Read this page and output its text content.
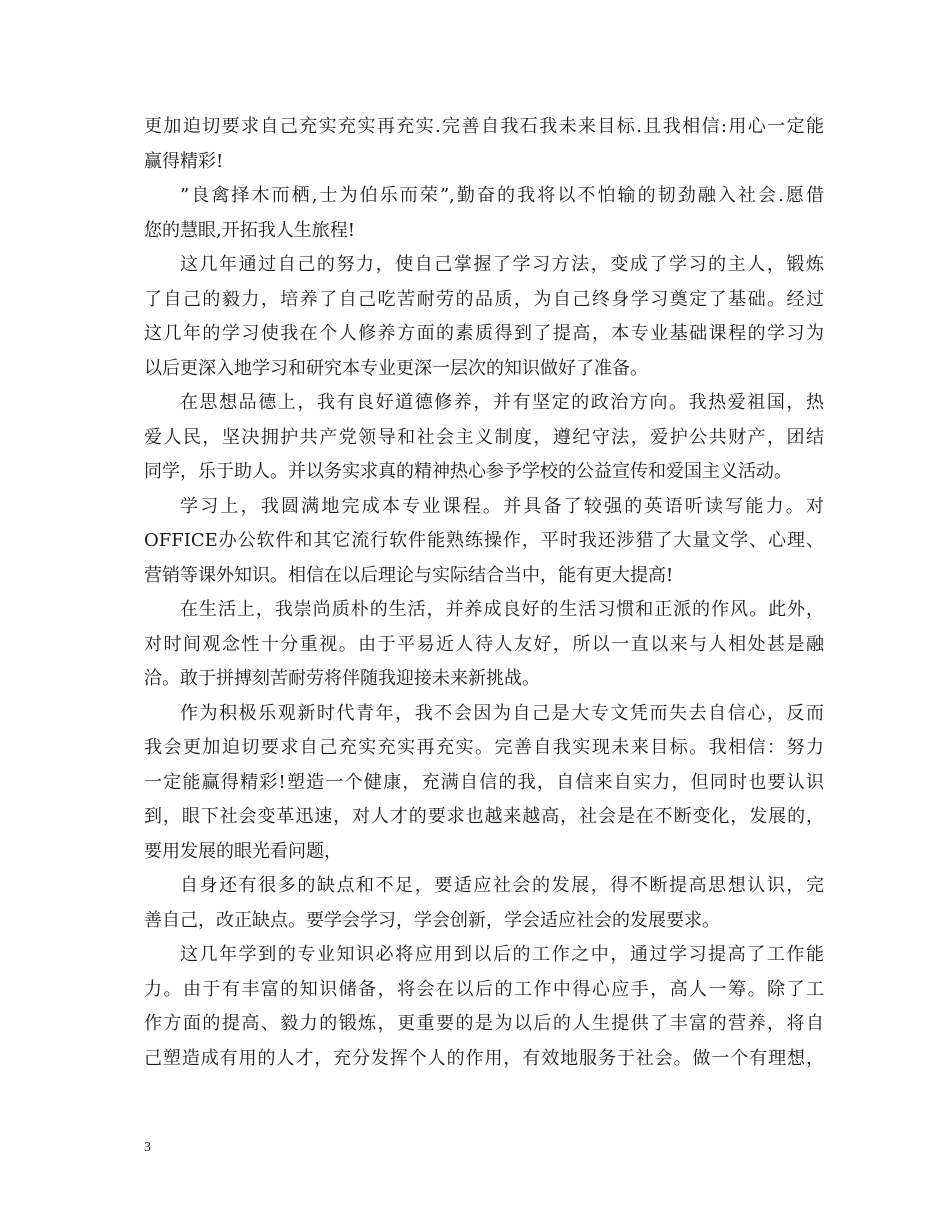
更加迫切要求自己充实充实再充实.完善自我石我未来目标.且我相信:用心一定能
赢得精彩!
”良禽择木而栖,士为伯乐而荣”,勤奋的我将以不怕输的韧劲融入社会.愿借
您的慧眼,开拓我人生旅程!
这几年通过自己的努力，使自己掌握了学习方法，变成了学习的主人，锻炼
了自己的毅力，培养了自己吃苦耐劳的品质，为自己终身学习奠定了基础。经过
这几年的学习使我在个人修养方面的素质得到了提高，本专业基础课程的学习为
以后更深入地学习和研究本专业更深一层次的知识做好了准备。
在思想品德上，我有良好道德修养，并有坚定的政治方向。我热爱祖国，热
爱人民，坚决拥护共产党领导和社会主义制度，遵纪守法，爱护公共财产，团结
同学，乐于助人。并以务实求真的精神热心参予学校的公益宣传和爱国主义活动。
学习上，我圆满地完成本专业课程。并具备了较强的英语听读写能力。对
OFFICE办公软件和其它流行软件能熟练操作，平时我还涉猎了大量文学、心理、
营销等课外知识。相信在以后理论与实际结合当中，能有更大提高!
在生活上，我崇尚质朴的生活，并养成良好的生活习惯和正派的作风。此外，
对时间观念性十分重视。由于平易近人待人友好，所以一直以来与人相处甚是融
洽。敢于拼搏刻苦耐劳将伴随我迎接未来新挑战。
作为积极乐观新时代青年，我不会因为自己是大专文凭而失去自信心，反而
我会更加迫切要求自己充实充实再充实。完善自我实现未来目标。我相信：努力
一定能赢得精彩!塑造一个健康，充满自信的我，自信来自实力，但同时也要认识
到，眼下社会变革迅速，对人才的要求也越来越高，社会是在不断变化，发展的，
要用发展的眼光看问题，
自身还有很多的缺点和不足，要适应社会的发展，得不断提高思想认识，完
善自己，改正缺点。要学会学习，学会创新，学会适应社会的发展要求。
这几年学到的专业知识必将应用到以后的工作之中，通过学习提高了工作能
力。由于有丰富的知识储备，将会在以后的工作中得心应手，高人一筹。除了工
作方面的提高、毅力的锻炼，更重要的是为以后的人生提供了丰富的营养，将自
己塑造成有用的人才，充分发挥个人的作用，有效地服务于社会。做一个有理想，
3
